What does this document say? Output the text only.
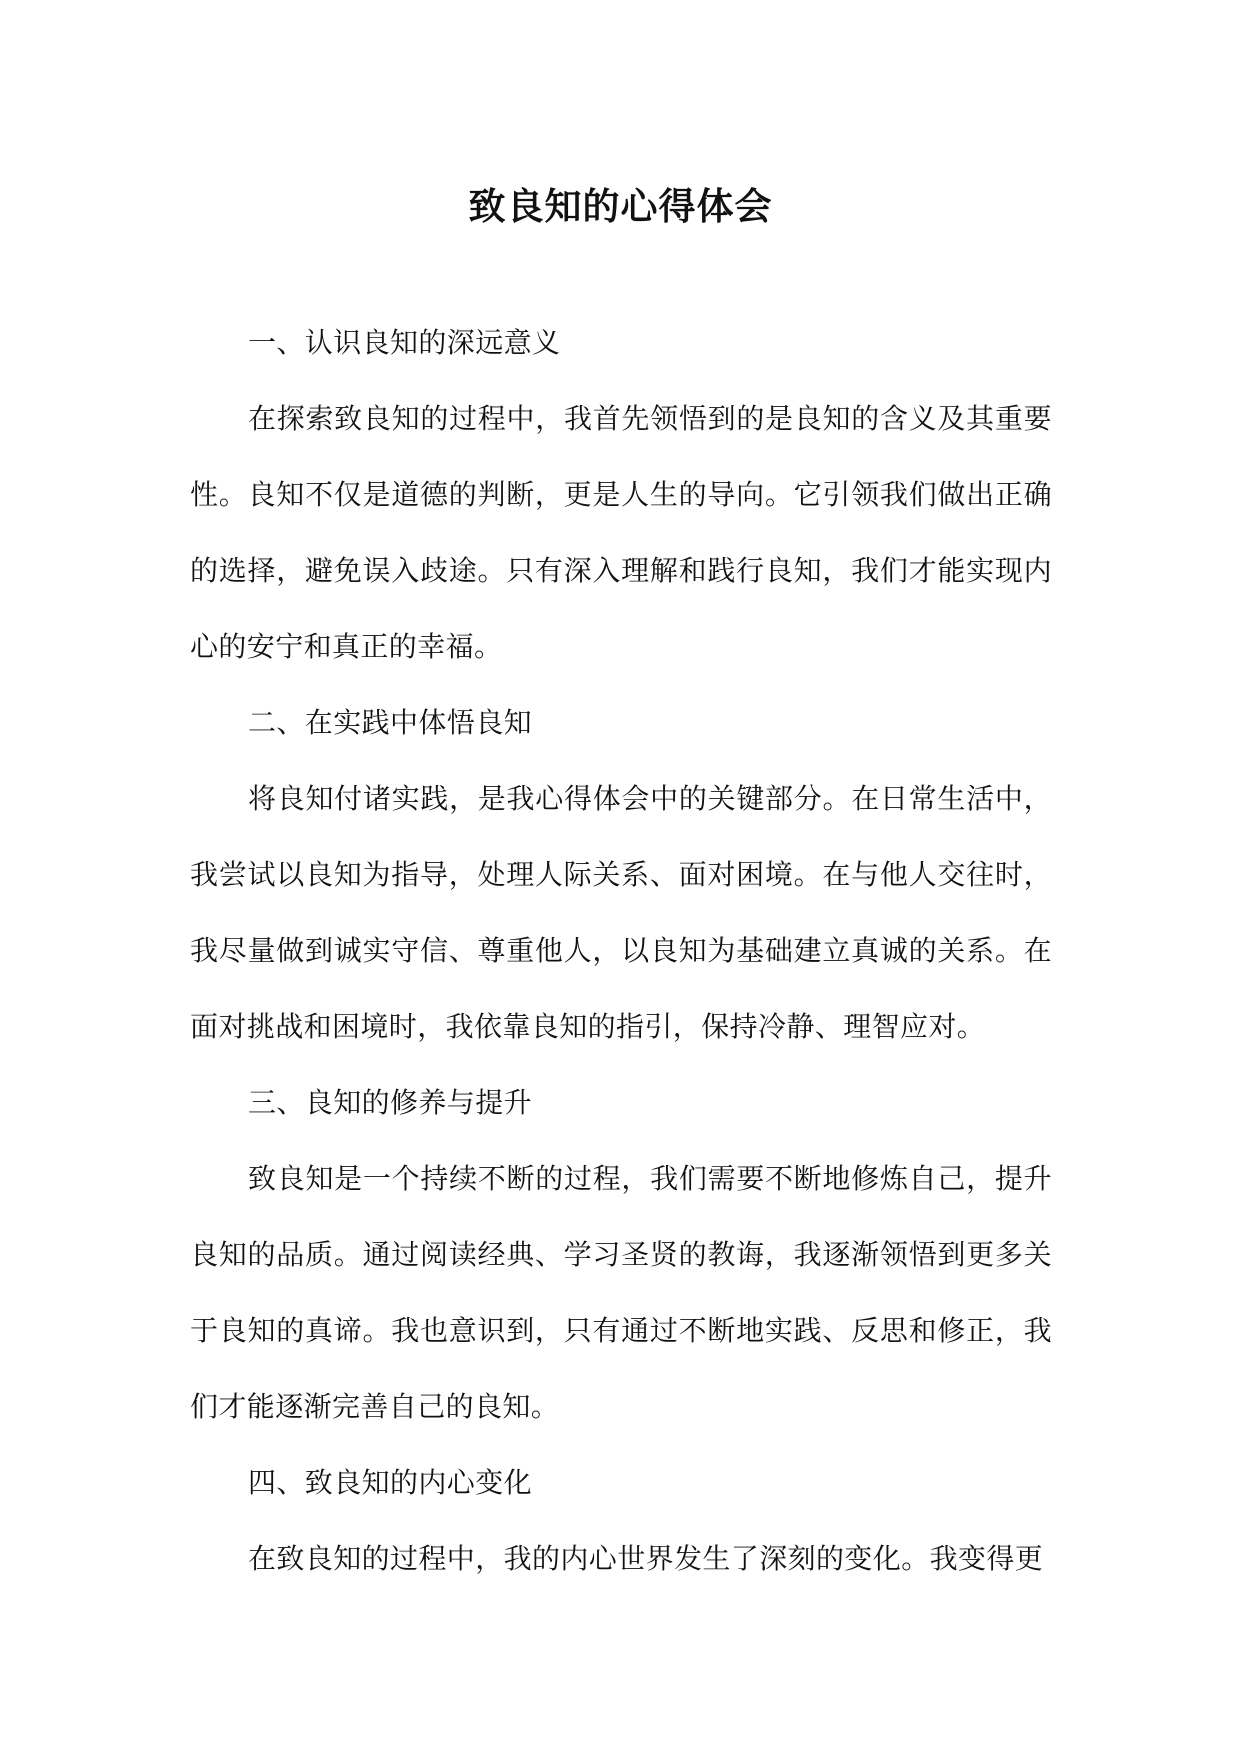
致良知的心得体会

一、认识良知的深远意义

在探索致良知的过程中，我首先领悟到的是良知的含义及其重要性。良知不仅是道德的判断，更是人生的导向。它引领我们做出正确的选择，避免误入歧途。只有深入理解和践行良知，我们才能实现内心的安宁和真正的幸福。

二、在实践中体悟良知

将良知付诸实践，是我心得体会中的关键部分。在日常生活中，我尝试以良知为指导，处理人际关系、面对困境。在与他人交往时，我尽量做到诚实守信、尊重他人，以良知为基础建立真诚的关系。在面对挑战和困境时，我依靠良知的指引，保持冷静、理智应对。

三、良知的修养与提升

致良知是一个持续不断的过程，我们需要不断地修炼自己，提升良知的品质。通过阅读经典、学习圣贤的教诲，我逐渐领悟到更多关于良知的真谛。我也意识到，只有通过不断地实践、反思和修正，我们才能逐渐完善自己的良知。

四、致良知的内心变化

在致良知的过程中，我的内心世界发生了深刻的变化。我变得更
